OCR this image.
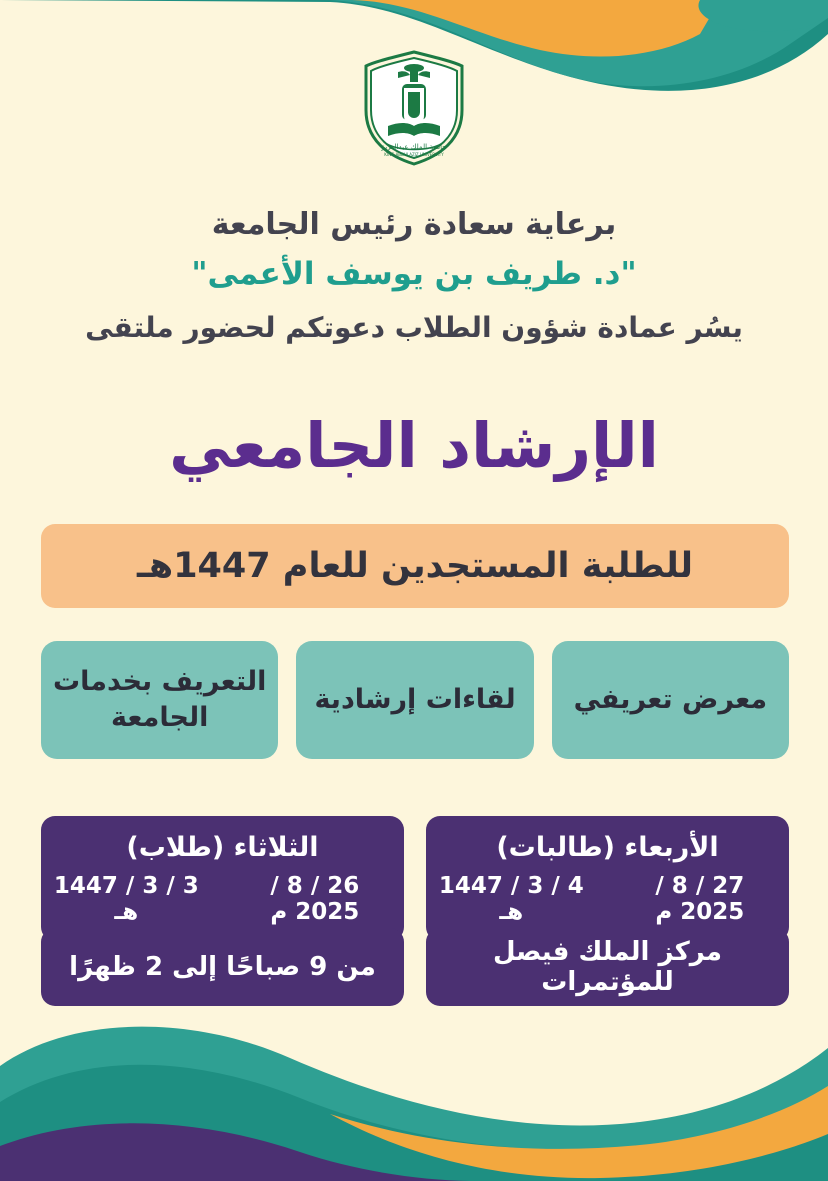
جامعة الملك عبدالعزيز
KING ABDULAZIZ UNIVERSITY
برعاية سعادة رئيس الجامعة
"د. طريف بن يوسف الأعمى"
يسُر عمادة شؤون الطلاب دعوتكم لحضور ملتقى
الإرشاد الجامعي
للطلبة المستجدين للعام 1447هـ
التعريف بخدمات الجامعة
لقاءات إرشادية	معرض تعريفي
الثلاثاء (طلاب)
3 / 3 / 1447 هـ
26 / 8 / 2025 م
الأربعاء (طالبات)
4 / 3 / 1447 هـ
27 / 8 / 2025 م
من 9 صباحًا إلى 2 ظهرًا	مركز الملك فيصل للمؤتمرات
